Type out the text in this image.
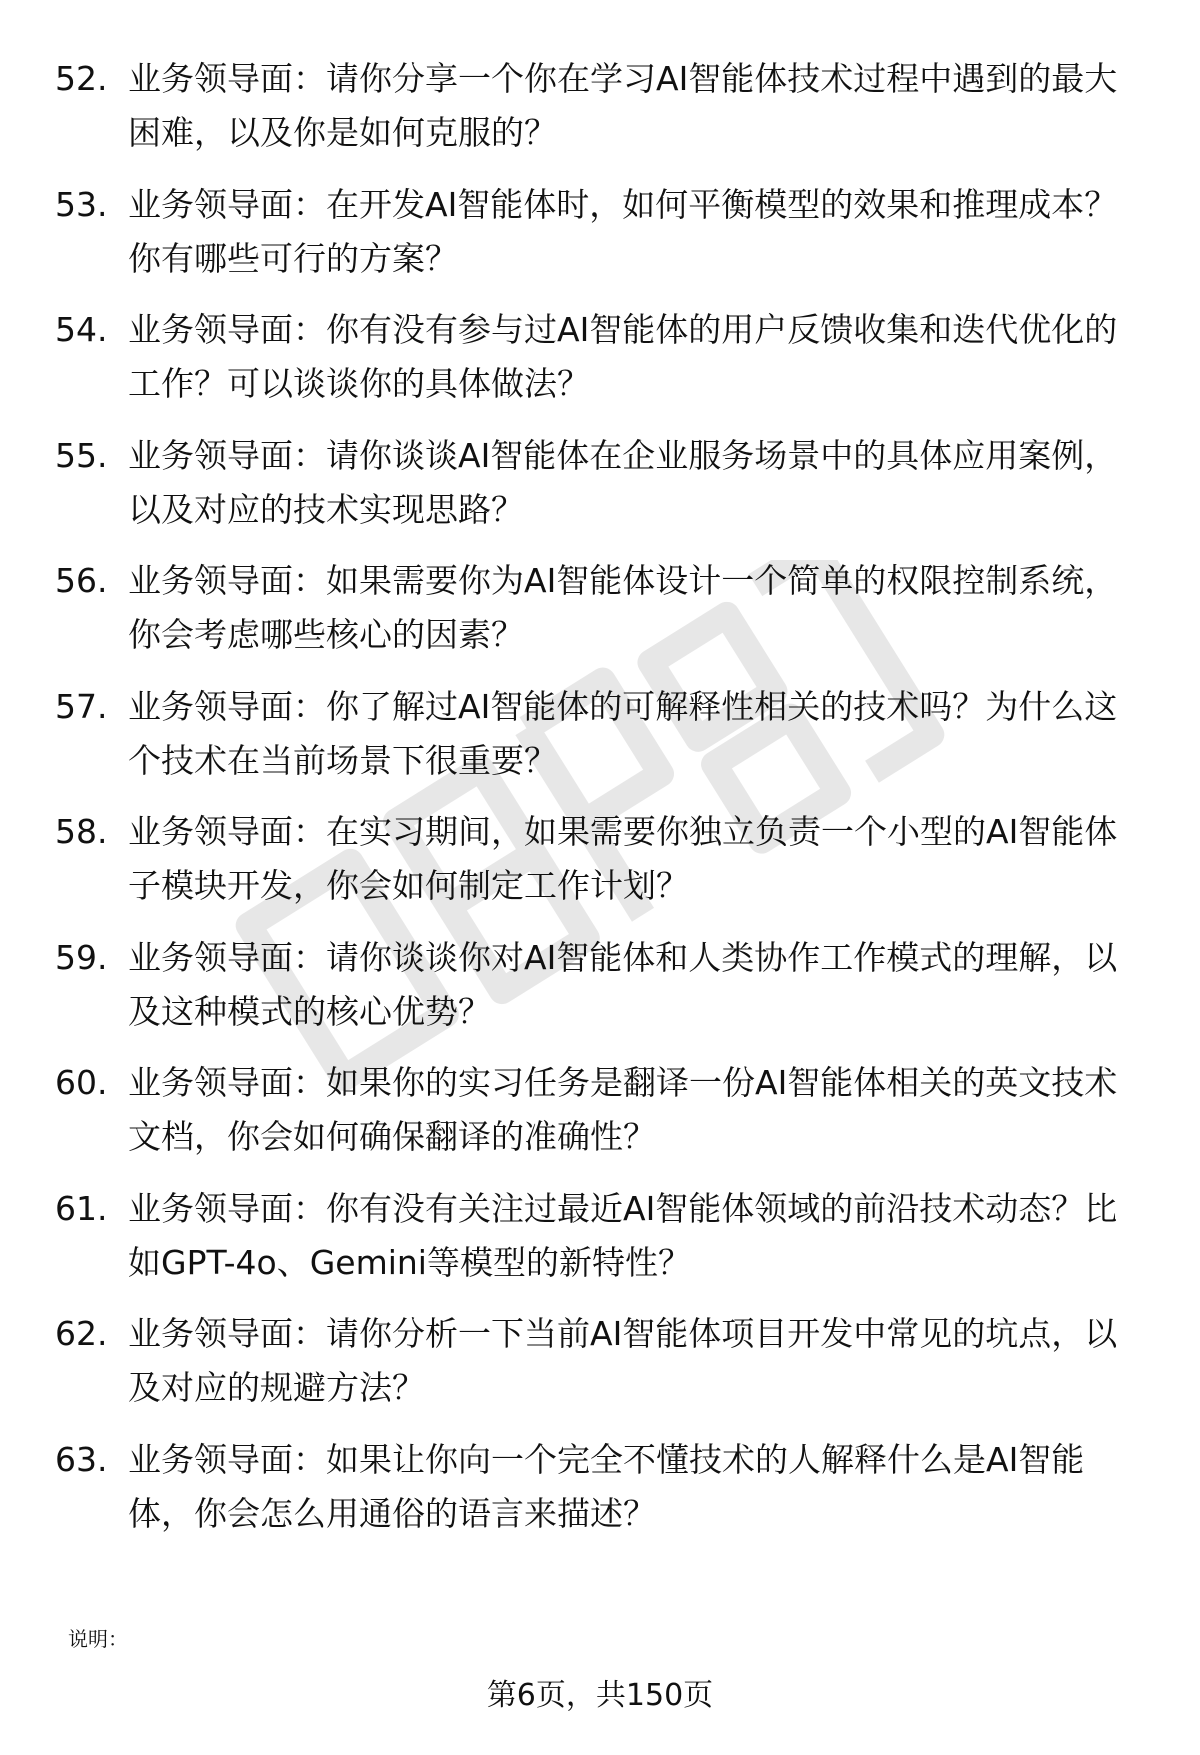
52. 业务领导面：请你分享一个你在学习AI智能体技术过程中遇到的最大困难，以及你是如何克服的？
53. 业务领导面：在开发AI智能体时，如何平衡模型的效果和推理成本？你有哪些可行的方案？
54. 业务领导面：你有没有参与过AI智能体的用户反馈收集和迭代优化的工作？可以谈谈你的具体做法？
55. 业务领导面：请你谈谈AI智能体在企业服务场景中的具体应用案例，以及对应的技术实现思路？
56. 业务领导面：如果需要你为AI智能体设计一个简单的权限控制系统，你会考虑哪些核心的因素？
57. 业务领导面：你了解过AI智能体的可解释性相关的技术吗？为什么这个技术在当前场景下很重要？
58. 业务领导面：在实习期间，如果需要你独立负责一个小型的AI智能体子模块开发，你会如何制定工作计划？
59. 业务领导面：请你谈谈你对AI智能体和人类协作工作模式的理解，以及这种模式的核心优势？
60. 业务领导面：如果你的实习任务是翻译一份AI智能体相关的英文技术文档，你会如何确保翻译的准确性？
61. 业务领导面：你有没有关注过最近AI智能体领域的前沿技术动态？比如GPT-4o、Gemini等模型的新特性？
62. 业务领导面：请你分析一下当前AI智能体项目开发中常见的坑点，以及对应的规避方法？
63. 业务领导面：如果让你向一个完全不懂技术的人解释什么是AI智能体，你会怎么用通俗的语言来描述？
说明：
第6页，共150页
